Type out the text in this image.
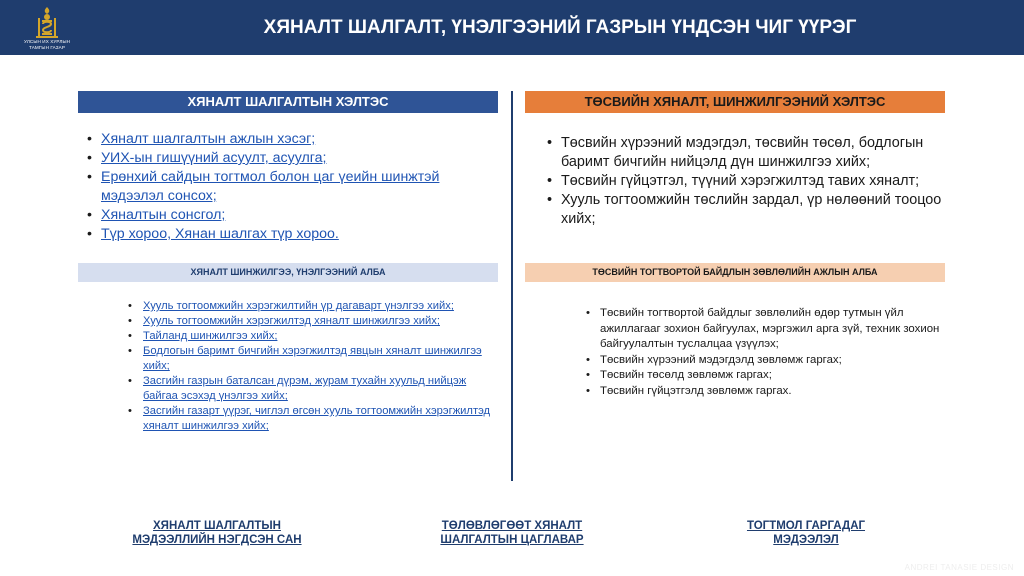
УЛСЫН ИХ ХУРЛЫН
ТАМГЫН ГАЗАР
ХЯНАЛТ ШАЛГАЛТ, ҮНЭЛГЭЭНИЙ ГАЗРЫН ҮНДСЭН ЧИГ ҮҮРЭГ
ХЯНАЛТ ШАЛГАЛТЫН ХЭЛТЭС	ТӨСВИЙН ХЯНАЛТ, ШИНЖИЛГЭЭНИЙ ХЭЛТЭС
• Хяналт шалгалтын ажлын хэсэг;
• УИХ-ын гишүүний асуулт, асуулга;
• Ерөнхий сайдын тогтмол болон цаг үеийн шинжтэй мэдээлэл сонсох;
• Хяналтын сонсгол;
• Түр хороо, Хянан шалгах түр хороо.
• Төсвийн хүрээний мэдэгдэл, төсвийн төсөл, бодлогын баримт бичгийн нийцэлд дүн шинжилгээ хийх;
• Төсвийн гүйцэтгэл, түүний хэрэгжилтэд тавих хяналт;
• Хууль тогтоомжийн төслийн зардал, үр нөлөөний тооцоо хийх;
ХЯНАЛТ ШИНЖИЛГЭЭ, ҮНЭЛГЭЭНИЙ АЛБА	ТӨСВИЙН ТОГТВОРТОЙ БАЙДЛЫН ЗӨВЛӨЛИЙН АЖЛЫН АЛБА
• Хууль тогтоомжийн хэрэгжилтийн үр дагаварт үнэлгээ хийх;
• Хууль тогтоомжийн хэрэгжилтэд хяналт шинжилгээ хийх;
• Тайланд шинжилгээ хийх;
• Бодлогын баримт бичгийн хэрэгжилтэд явцын хяналт шинжилгээ хийх;
• Засгийн газрын баталсан дүрэм, журам тухайн хуульд нийцэж байгаа эсэхэд үнэлгээ хийх;
• Засгийн газарт үүрэг, чиглэл өгсөн хууль тогтоомжийн хэрэгжилтэд хяналт шинжилгээ хийх;
• Төсвийн тогтвортой байдлыг зөвлөлийн өдөр тутмын үйл ажиллагааг зохион байгуулах, мэргэжил арга зүй, техник зохион байгуулалтын туслалцаа үзүүлэх;
• Төсвийн хүрээний мэдэгдэлд зөвлөмж гаргах;
• Төсвийн төсөлд зөвлөмж гаргах;
• Төсвийн гүйцэтгэлд зөвлөмж гаргах.
ХЯНАЛТ ШАЛГАЛТЫН
МЭДЭЭЛЛИЙН НЭГДСЭН САН
ТӨЛӨВЛӨГӨӨТ ХЯНАЛТ
ШАЛГАЛТЫН ЦАГЛАВАР
ТОГТМОЛ ГАРГАДАГ
МЭДЭЭЛЭЛ
ANDREI TANASIE DESIGN
